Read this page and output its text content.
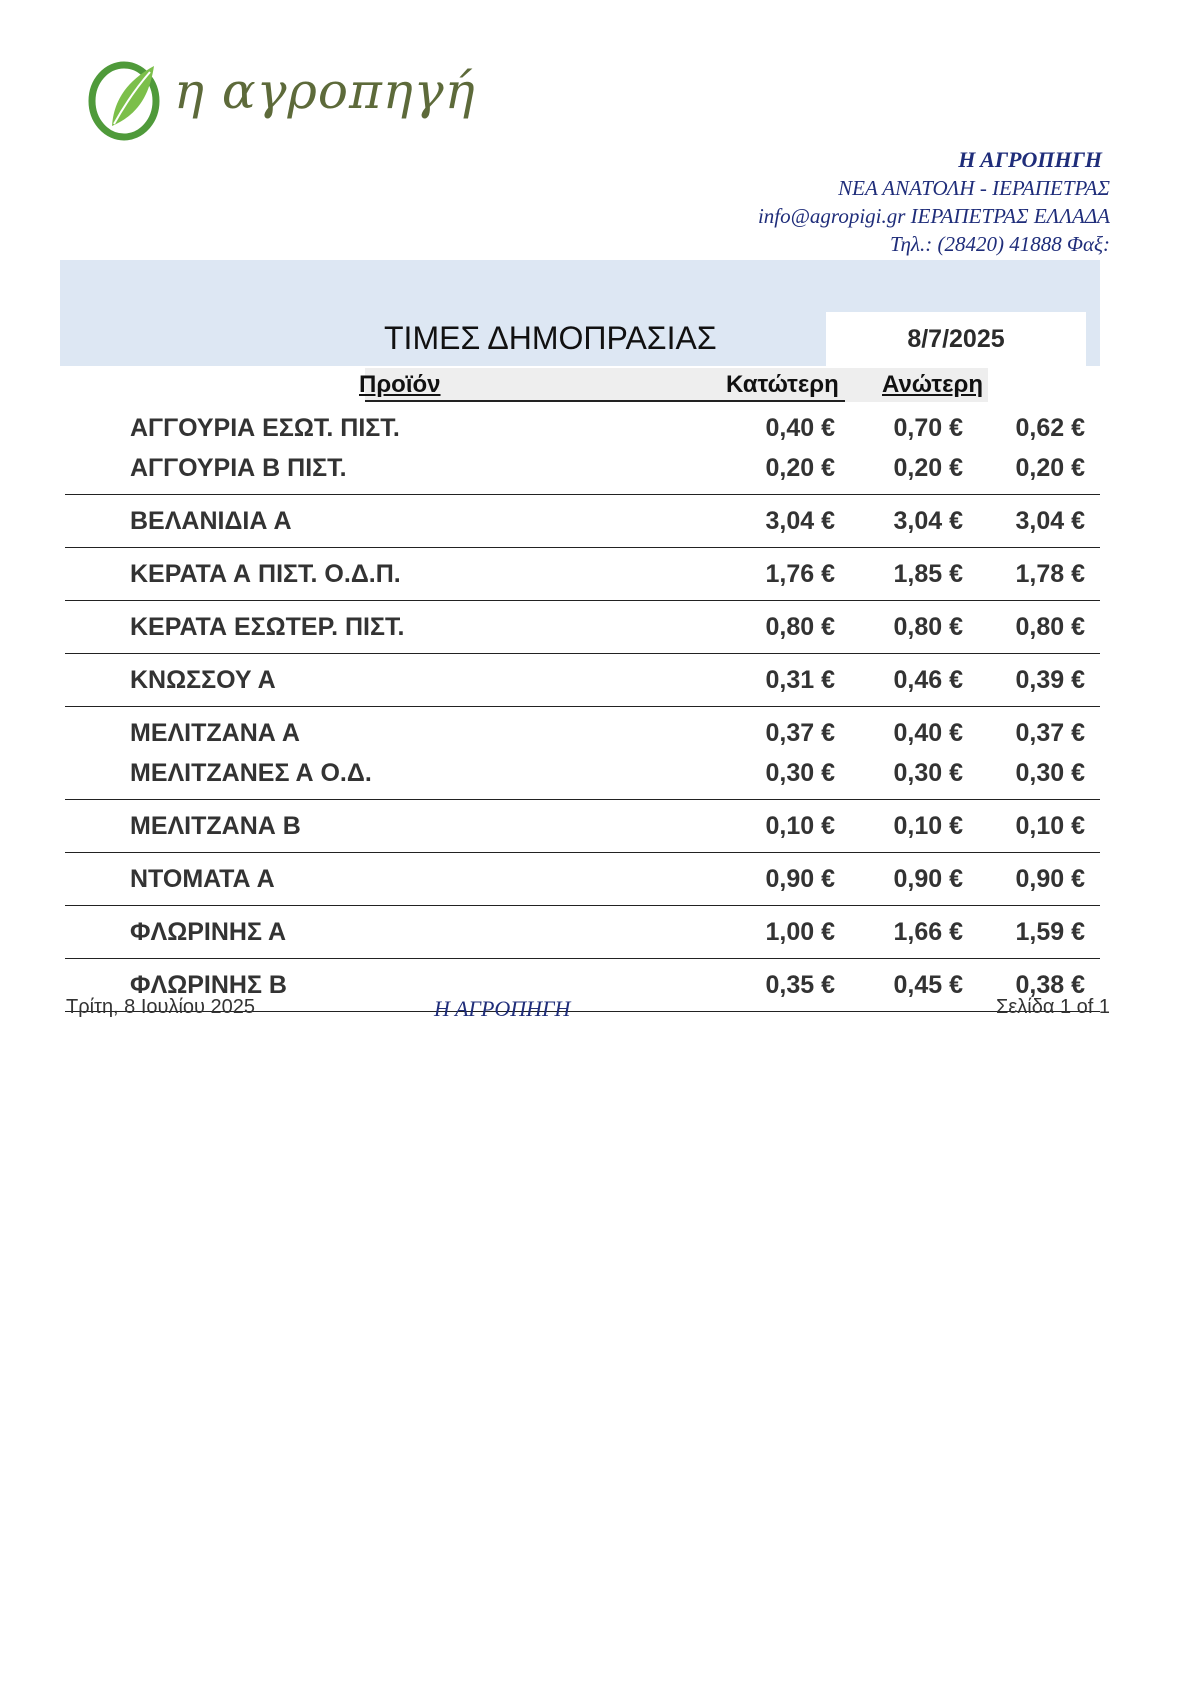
η αγροπηγή
Η ΑΓΡΟΠΗΓΗ
ΝΕΑ ΑΝΑΤΟΛΗ - ΙΕΡΑΠΕΤΡΑΣ
info@agropigi.gr ΙΕΡΑΠΕΤΡΑΣ ΕΛΛΑΔΑ
Τηλ.: (28420) 41888 Φαξ:
ΤΙΜΕΣ ΔΗΜΟΠΡΑΣΙΑΣ	8/7/2025
Προϊόν	Κατώτερη Ανώτερη
ΑΓΓΟΥΡΙΑ ΕΣΩΤ. ΠΙΣΤ.	0,40 €	0,70 €	0,62 €
ΑΓΓΟΥΡΙΑ Β ΠΙΣΤ.	0,20 €	0,20 €	0,20 €
ΒΕΛΑΝΙΔΙΑ Α	3,04 €	3,04 €	3,04 €
ΚΕΡΑΤΑ Α ΠΙΣΤ. Ο.Δ.Π.	1,76 €	1,85 €	1,78 €
ΚΕΡΑΤΑ ΕΣΩΤΕΡ. ΠΙΣΤ.	0,80 €	0,80 €	0,80 €
ΚΝΩΣΣΟΥ Α	0,31 €	0,46 €	0,39 €
ΜΕΛΙΤΖΑΝΑ Α	0,37 €	0,40 €	0,37 €
ΜΕΛΙΤΖΑΝΕΣ Α Ο.Δ.	0,30 €	0,30 €	0,30 €
ΜΕΛΙΤΖΑΝΑ Β	0,10 €	0,10 €	0,10 €
ΝΤΟΜΑΤΑ Α	0,90 €	0,90 €	0,90 €
ΦΛΩΡΙΝΗΣ Α	1,00 €	1,66 €	1,59 €
ΦΛΩΡΙΝΗΣ Β	0,35 €	0,45 €	0,38 €
Τρίτη, 8 Ιουλίου 2025	Η ΑΓΡΟΠΗΓΗ	Σελίδα 1 of 1
